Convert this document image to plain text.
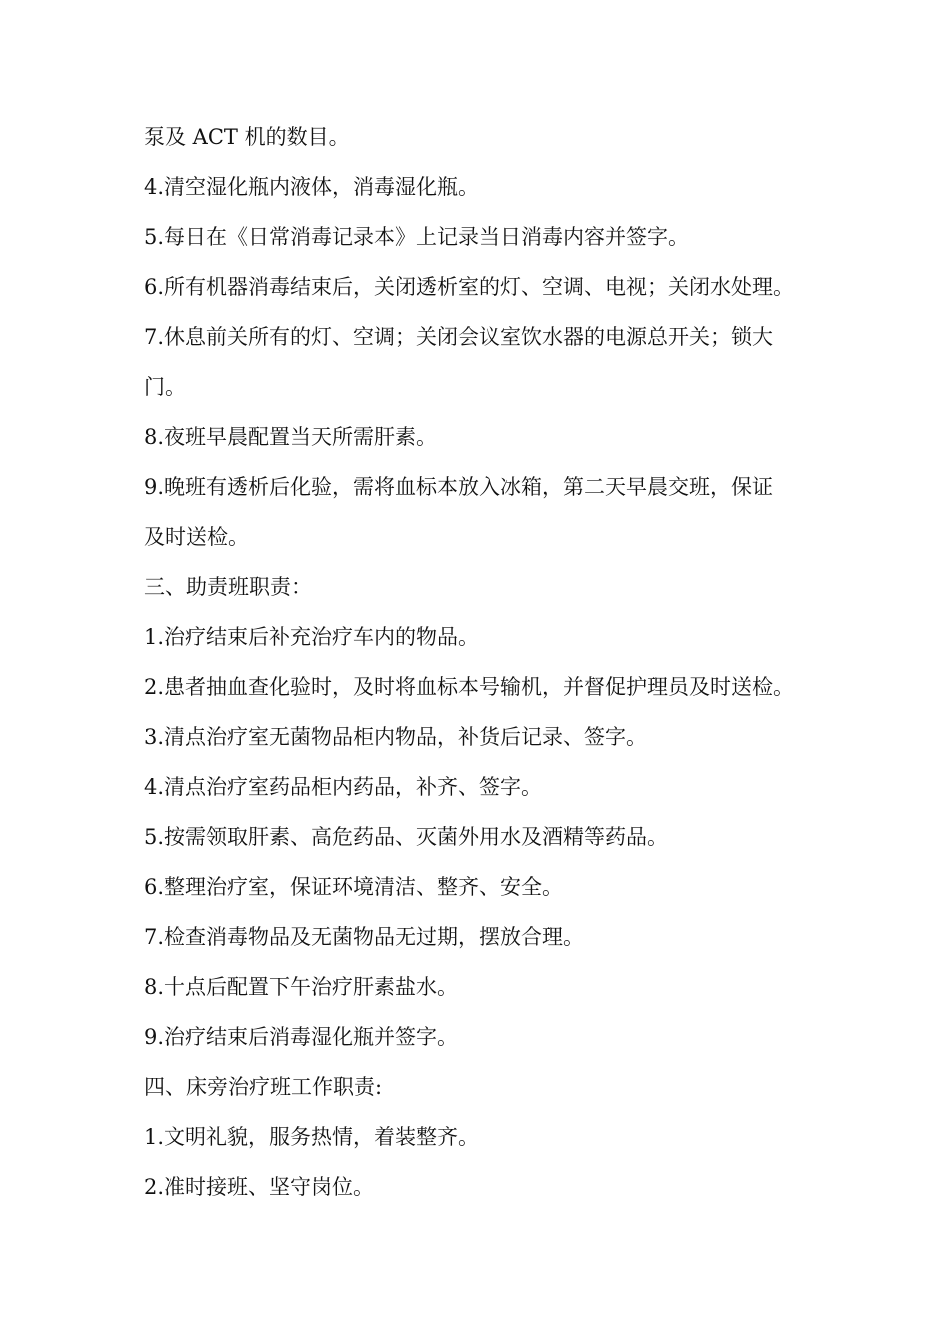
泵及 ACT 机的数目。
4.清空湿化瓶内液体，消毒湿化瓶。
5.每日在《日常消毒记录本》上记录当日消毒内容并签字。
6.所有机器消毒结束后，关闭透析室的灯、空调、电视；关闭水处理。
7.休息前关所有的灯、空调；关闭会议室饮水器的电源总开关；锁大
门。
8.夜班早晨配置当天所需肝素。
9.晚班有透析后化验，需将血标本放入冰箱，第二天早晨交班，保证
及时送检。
三、助责班职责：
1.治疗结束后补充治疗车内的物品。
2.患者抽血查化验时，及时将血标本号输机，并督促护理员及时送检。
3.清点治疗室无菌物品柜内物品，补货后记录、签字。
4.清点治疗室药品柜内药品，补齐、签字。
5.按需领取肝素、高危药品、灭菌外用水及酒精等药品。
6.整理治疗室，保证环境清洁、整齐、安全。
7.检查消毒物品及无菌物品无过期，摆放合理。
8.十点后配置下午治疗肝素盐水。
9.治疗结束后消毒湿化瓶并签字。
四、床旁治疗班工作职责:
1.文明礼貌，服务热情，着装整齐。
2.准时接班、坚守岗位。
